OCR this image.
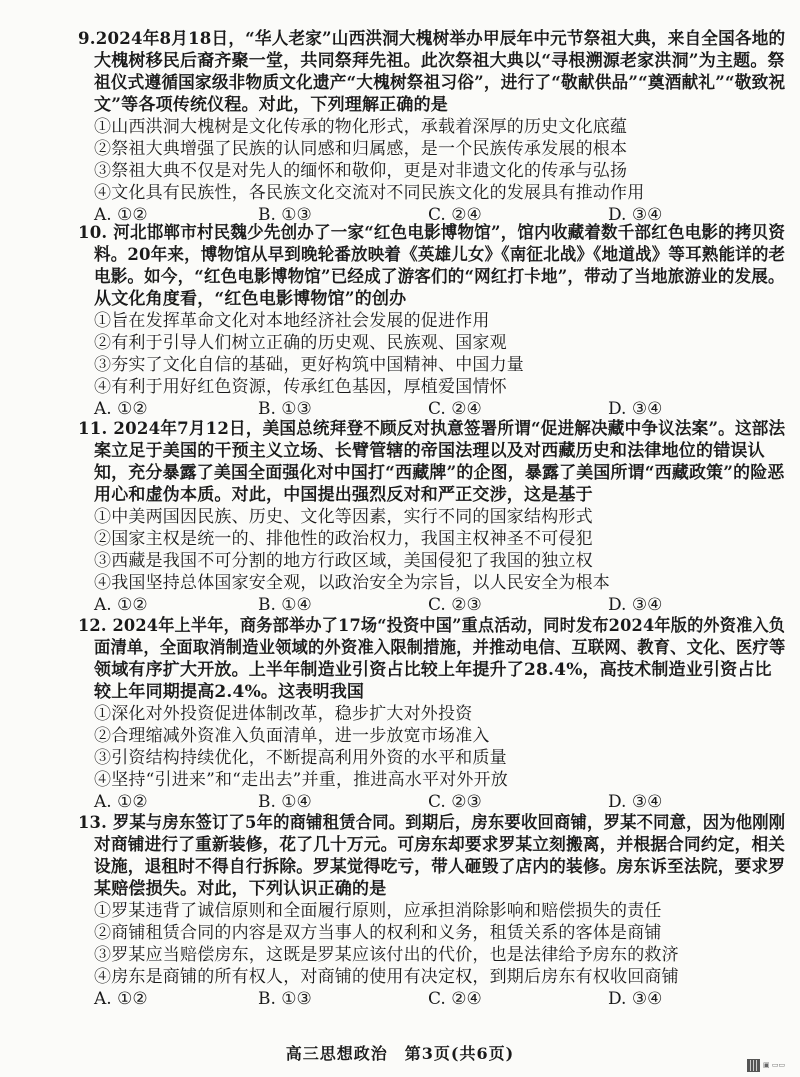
9.2024年8月18日，“华人老家”山西洪洞大槐树举办甲辰年中元节祭祖大典，来自全国各地的
大槐树移民后裔齐聚一堂，共同祭拜先祖。此次祭祖大典以“寻根溯源老家洪洞”为主题。祭
祖仪式遵循国家级非物质文化遗产“大槐树祭祖习俗”，进行了“敬献供品”“奠酒献礼”“敬致祝
文”等各项传统仪程。对此，下列理解正确的是
①山西洪洞大槐树是文化传承的物化形式，承载着深厚的历史文化底蕴
②祭祖大典增强了民族的认同感和归属感，是一个民族传承发展的根本
③祭祖大典不仅是对先人的缅怀和敬仰，更是对非遗文化的传承与弘扬
④文化具有民族性，各民族文化交流对不同民族文化的发展具有推动作用
A. ①②	B. ①③	C. ②④	D. ③④
10. 河北邯郸市村民魏少先创办了一家“红色电影博物馆”，馆内收藏着数千部红色电影的拷贝资
料。20年来，博物馆从早到晚轮番放映着《英雄儿女》《南征北战》《地道战》等耳熟能详的老
电影。如今，“红色电影博物馆”已经成了游客们的“网红打卡地”，带动了当地旅游业的发展。
从文化角度看，“红色电影博物馆”的创办
①旨在发挥革命文化对本地经济社会发展的促进作用
②有利于引导人们树立正确的历史观、民族观、国家观
③夯实了文化自信的基础，更好构筑中国精神、中国力量
④有利于用好红色资源，传承红色基因，厚植爱国情怀
A. ①②	B. ①③	C. ②④	D. ③④
11. 2024年7月12日，美国总统拜登不顾反对执意签署所谓“促进解决藏中争议法案”。这部法
案立足于美国的干预主义立场、长臂管辖的帝国法理以及对西藏历史和法律地位的错误认
知，充分暴露了美国全面强化对中国打“西藏牌”的企图，暴露了美国所谓“西藏政策”的险恶
用心和虚伪本质。对此，中国提出强烈反对和严正交涉，这是基于
①中美两国因民族、历史、文化等因素，实行不同的国家结构形式
②国家主权是统一的、排他性的政治权力，我国主权神圣不可侵犯
③西藏是我国不可分割的地方行政区域，美国侵犯了我国的独立权
④我国坚持总体国家安全观，以政治安全为宗旨，以人民安全为根本
A. ①②	B. ①④	C. ②③	D. ③④
12. 2024年上半年，商务部举办了17场“投资中国”重点活动，同时发布2024年版的外资准入负
面清单，全面取消制造业领域的外资准入限制措施，并推动电信、互联网、教育、文化、医疗等
领域有序扩大开放。上半年制造业引资占比较上年提升了28.4%，高技术制造业引资占比
较上年同期提高2.4%。这表明我国
①深化对外投资促进体制改革，稳步扩大对外投资
②合理缩减外资准入负面清单，进一步放宽市场准入
③引资结构持续优化，不断提高利用外资的水平和质量
④坚持“引进来”和“走出去”并重，推进高水平对外开放
A. ①②	B. ①④	C. ②③	D. ③④
13. 罗某与房东签订了5年的商铺租赁合同。到期后，房东要收回商铺，罗某不同意，因为他刚刚
对商铺进行了重新装修，花了几十万元。可房东却要求罗某立刻搬离，并根据合同约定，相关
设施，退租时不得自行拆除。罗某觉得吃亏，带人砸毁了店内的装修。房东诉至法院，要求罗
某赔偿损失。对此，下列认识正确的是
①罗某违背了诚信原则和全面履行原则，应承担消除影响和赔偿损失的责任
②商铺租赁合同的内容是双方当事人的权利和义务，租赁关系的客体是商铺
③罗某应当赔偿房东，这既是罗某应该付出的代价，也是法律给予房东的救济
④房东是商铺的所有权人，对商铺的使用有决定权，到期后房东有权收回商铺
A. ①②	B. ①③	C. ②④	D. ③④
高三思想政治　第3页(共6页)
▣ ▭▭
